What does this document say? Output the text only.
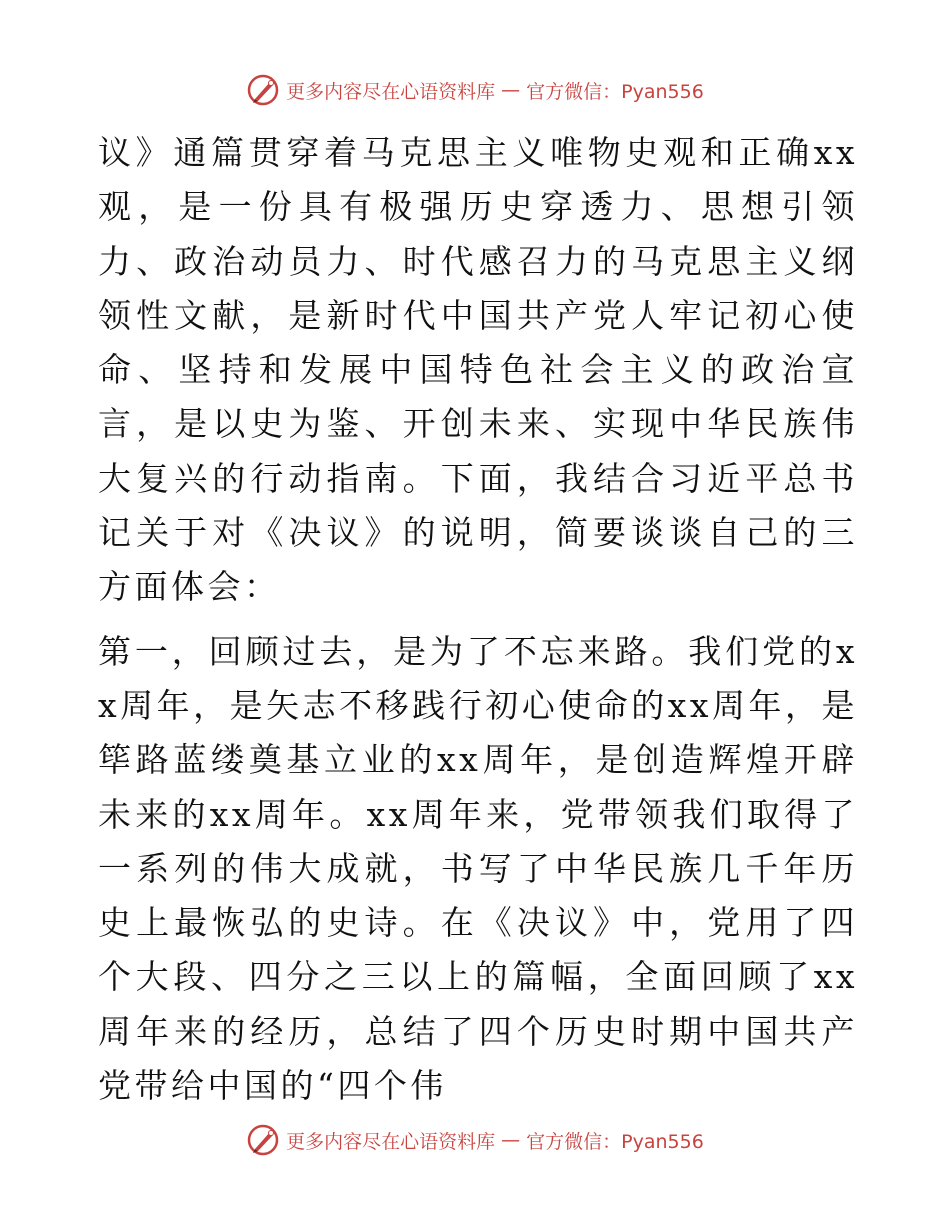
更多内容尽在心语资料库 — 官方微信：Pyan556

议》通篇贯穿着马克思主义唯物史观和正确xx观，是一份具有极强历史穿透力、思想引领力、政治动员力、时代感召力的马克思主义纲领性文献，是新时代中国共产党人牢记初心使命、坚持和发展中国特色社会主义的政治宣言，是以史为鉴、开创未来、实现中华民族伟大复兴的行动指南。下面，我结合习近平总书记关于对《决议》的说明，简要谈谈自己的三方面体会：

第一，回顾过去，是为了不忘来路。我们党的xx周年，是矢志不移践行初心使命的xx周年，是筚路蓝缕奠基立业的xx周年，是创造辉煌开辟未来的xx周年。xx周年来，党带领我们取得了一系列的伟大成就，书写了中华民族几千年历史上最恢弘的史诗。在《决议》中，党用了四个大段、四分之三以上的篇幅，全面回顾了xx周年来的经历，总结了四个历史时期中国共产党带给中国的“四个伟

更多内容尽在心语资料库 — 官方微信：Pyan556
